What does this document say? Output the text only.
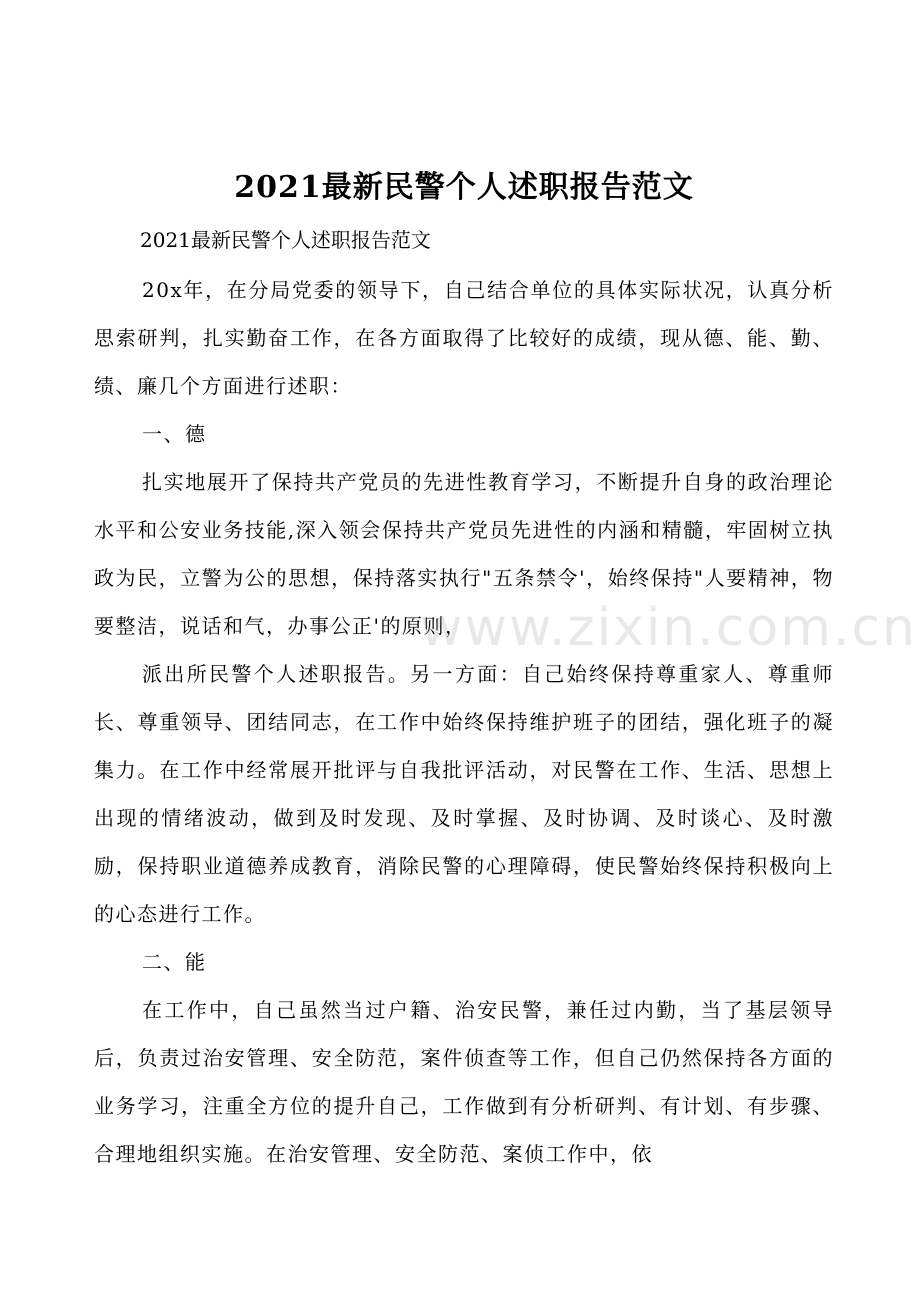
2021最新民警个人述职报告范文

2021最新民警个人述职报告范文

20x年，在分局党委的领导下，自己结合单位的具体实际状况，认真分析思索研判，扎实勤奋工作，在各方面取得了比较好的成绩，现从德、能、勤、绩、廉几个方面进行述职：

一、德

扎实地展开了保持共产党员的先进性教育学习，不断提升自身的政治理论水平和公安业务技能,深入领会保持共产党员先进性的内涵和精髓，牢固树立执政为民，立警为公的思想，保持落实执行"五条禁令'，始终保持"人要精神，物要整洁，说话和气，办事公正'的原则，

派出所民警个人述职报告。另一方面：自己始终保持尊重家人、尊重师长、尊重领导、团结同志，在工作中始终保持维护班子的团结，强化班子的凝集力。在工作中经常展开批评与自我批评活动，对民警在工作、生活、思想上出现的情绪波动，做到及时发现、及时掌握、及时协调、及时谈心、及时激励，保持职业道德养成教育，消除民警的心理障碍，使民警始终保持积极向上的心态进行工作。

二、能

在工作中，自己虽然当过户籍、治安民警，兼任过内勤，当了基层领导后，负责过治安管理、安全防范，案件侦查等工作，但自己仍然保持各方面的业务学习，注重全方位的提升自己，工作做到有分析研判、有计划、有步骤、合理地组织实施。在治安管理、安全防范、案侦工作中，依

www.zixin.com.cn
